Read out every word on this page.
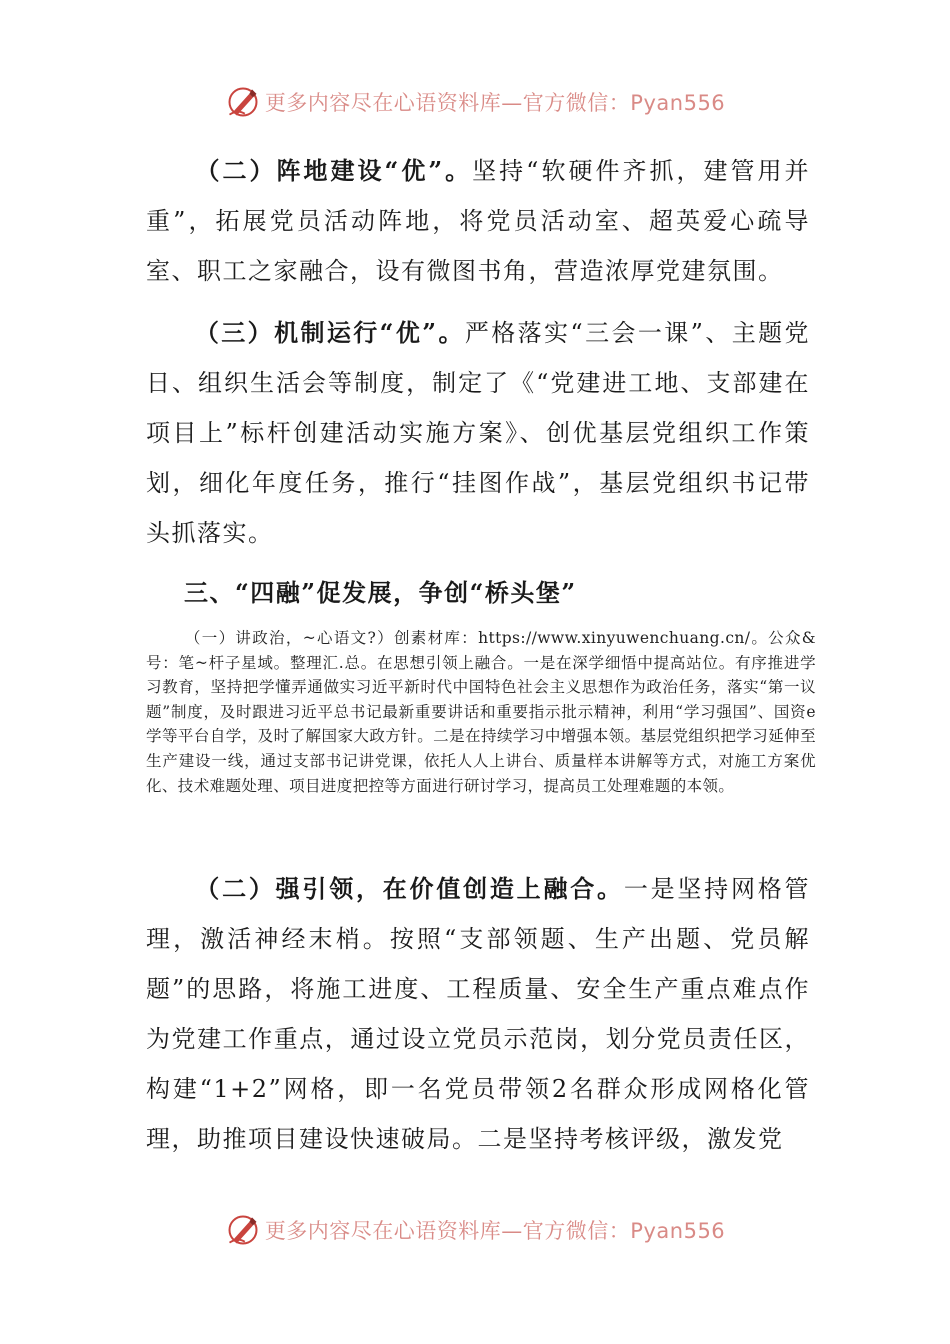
更多内容尽在心语资料库—官方微信：Pyan556

（二）阵地建设“优”。坚持“软硬件齐抓，建管用并重”，拓展党员活动阵地，将党员活动室、超英爱心疏导室、职工之家融合，设有微图书角，营造浓厚党建氛围。

（三）机制运行“优”。严格落实“三会一课”、主题党日、组织生活会等制度，制定了《“党建进工地、支部建在项目上”标杆创建活动实施方案》、创优基层党组织工作策划，细化年度任务，推行“挂图作战”，基层党组织书记带头抓落实。

三、“四融”促发展，争创“桥头堡”

（一）讲政治，~心语文?）创素材库：https://www.xinyuwenchuang.cn/。公众&号：笔~杆子星域。整理汇.总。在思想引领上融合。一是在深学细悟中提高站位。有序推进学习教育，坚持把学懂弄通做实习近平新时代中国特色社会主义思想作为政治任务，落实“第一议题”制度，及时跟进习近平总书记最新重要讲话和重要指示批示精神，利用“学习强国”、国资e学等平台自学，及时了解国家大政方针。二是在持续学习中增强本领。基层党组织把学习延伸至生产建设一线，通过支部书记讲党课，依托人人上讲台、质量样本讲解等方式，对施工方案优化、技术难题处理、项目进度把控等方面进行研讨学习，提高员工处理难题的本领。

（二）强引领，在价值创造上融合。一是坚持网格管理，激活神经末梢。按照“支部领题、生产出题、党员解题”的思路，将施工进度、工程质量、安全生产重点难点作为党建工作重点，通过设立党员示范岗，划分党员责任区，构建“1+2”网格，即一名党员带领2名群众形成网格化管理，助推项目建设快速破局。二是坚持考核评级，激发党

更多内容尽在心语资料库—官方微信：Pyan556
